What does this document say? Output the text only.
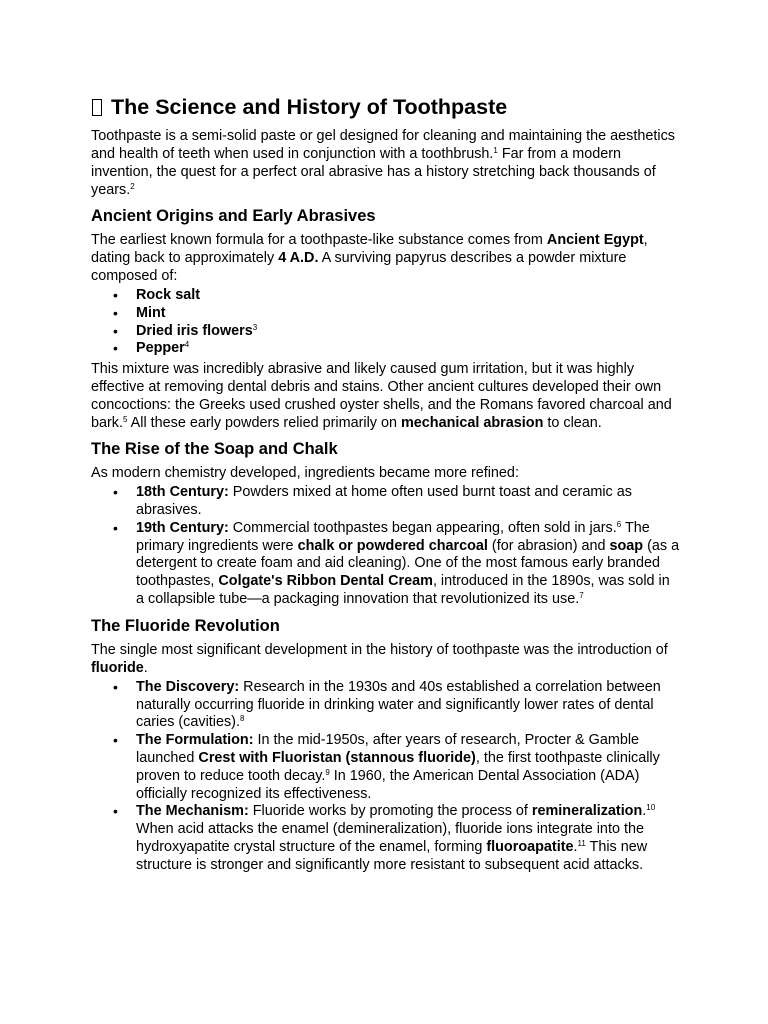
The Science and History of Toothpaste

Toothpaste is a semi-solid paste or gel designed for cleaning and maintaining the aesthetics and health of teeth when used in conjunction with a toothbrush.$^1$ Far from a modern invention, the quest for a perfect oral abrasive has a history stretching back thousands of years.$^2$

Ancient Origins and Early Abrasives

The earliest known formula for a toothpaste-like substance comes from Ancient Egypt, dating back to approximately 4 A.D. A surviving papyrus describes a powder mixture composed of:

• Rock salt
• Mint
• Dried iris flowers$^3$
• Pepper$^4$

This mixture was incredibly abrasive and likely caused gum irritation, but it was highly effective at removing dental debris and stains. Other ancient cultures developed their own concoctions: the Greeks used crushed oyster shells, and the Romans favored charcoal and bark.$^5$ All these early powders relied primarily on mechanical abrasion to clean.

The Rise of the Soap and Chalk

As modern chemistry developed, ingredients became more refined:

• 18th Century: Powders mixed at home often used burnt toast and ceramic as abrasives.
• 19th Century: Commercial toothpastes began appearing, often sold in jars.$^6$ The primary ingredients were chalk or powdered charcoal (for abrasion) and soap (as a detergent to create foam and aid cleaning). One of the most famous early branded toothpastes, Colgate's Ribbon Dental Cream, introduced in the 1890s, was sold in a collapsible tube—a packaging innovation that revolutionized its use.$^7$
The Fluoride Revolution

The single most significant development in the history of toothpaste was the introduction of fluoride.

• The Discovery: Research in the 1930s and 40s established a correlation between naturally occurring fluoride in drinking water and significantly lower rates of dental caries (cavities).$^8$
• The Formulation: In the mid-1950s, after years of research, Procter & Gamble launched Crest with Fluoristan (stannous fluoride), the first toothpaste clinically proven to reduce tooth decay.$^9$ In 1960, the American Dental Association (ADA) officially recognized its effectiveness.
• The Mechanism: Fluoride works by promoting the process of remineralization.$^{10}$ When acid attacks the enamel (demineralization), fluoride ions integrate into the hydroxyapatite crystal structure of the enamel, forming fluoroapatite.$^{11}$ This new structure is stronger and significantly more resistant to subsequent acid attacks.
